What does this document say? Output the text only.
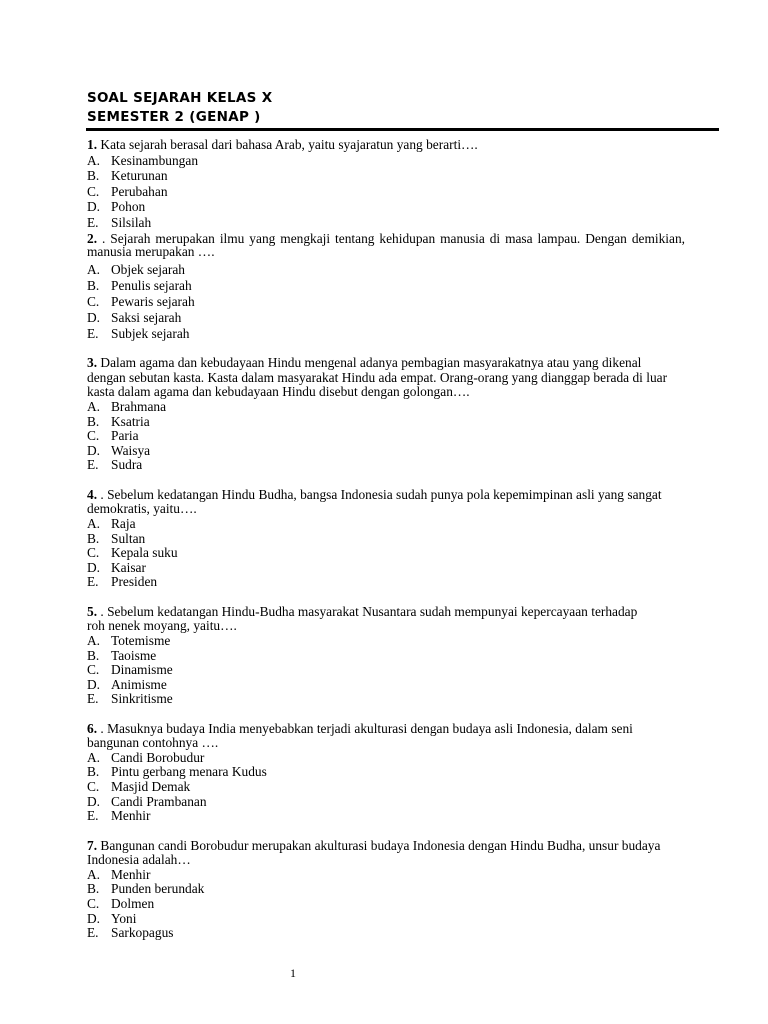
SOAL SEJARAH KELAS X
SEMESTER 2 (GENAP )
1. Kata sejarah berasal dari bahasa Arab, yaitu syajaratun yang berarti….
A. Kesinambungan
B. Keturunan
C. Perubahan
D. Pohon
E. Silsilah
2. . Sejarah merupakan ilmu yang mengkaji tentang kehidupan manusia di masa lampau. Dengan demikian, manusia merupakan ….
A. Objek sejarah
B. Penulis sejarah
C. Pewaris sejarah
D. Saksi sejarah
E. Subjek sejarah
3. Dalam agama dan kebudayaan Hindu mengenal adanya pembagian masyarakatnya atau yang dikenal dengan sebutan kasta. Kasta dalam masyarakat Hindu ada empat. Orang-orang yang dianggap berada di luar kasta dalam agama dan kebudayaan Hindu disebut dengan golongan….
A. Brahmana
B. Ksatria
C. Paria
D. Waisya
E. Sudra
4. . Sebelum kedatangan Hindu Budha, bangsa Indonesia sudah punya pola kepemimpinan asli yang sangat demokratis, yaitu….
A. Raja
B. Sultan
C. Kepala suku
D. Kaisar
E. Presiden
5. . Sebelum kedatangan Hindu-Budha masyarakat Nusantara sudah mempunyai kepercayaan terhadap roh nenek moyang, yaitu….
A. Totemisme
B. Taoisme
C. Dinamisme
D. Animisme
E. Sinkritisme
6. . Masuknya budaya India menyebabkan terjadi akulturasi dengan budaya asli Indonesia, dalam seni bangunan contohnya ….
A. Candi Borobudur
B. Pintu gerbang menara Kudus
C. Masjid Demak
D. Candi Prambanan
E. Menhir
7. Bangunan candi Borobudur merupakan akulturasi budaya Indonesia dengan Hindu Budha, unsur budaya Indonesia adalah…
A. Menhir
B. Punden berundak
C. Dolmen
D. Yoni
E. Sarkopagus
1
